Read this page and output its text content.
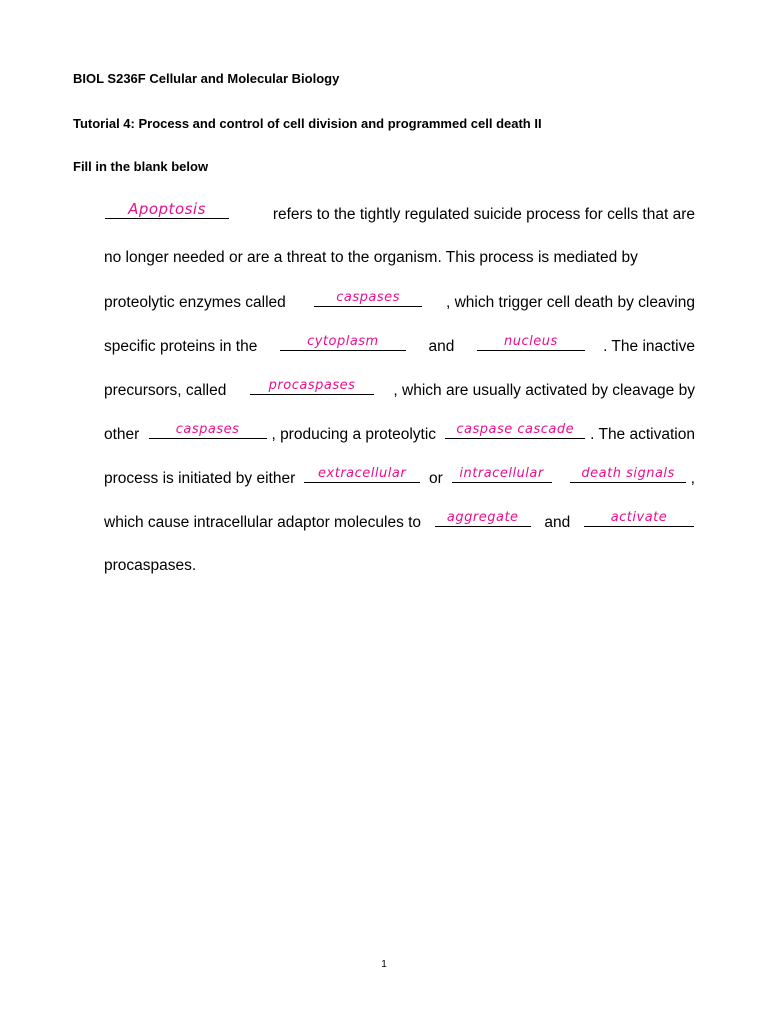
BIOL S236F Cellular and Molecular Biology
Tutorial 4: Process and control of cell division and programmed cell death II
Fill in the blank below
Apoptosis	refers to the tightly regulated suicide process for cells that are
no longer needed or are a threat to the organism. This process is mediated by
proteolytic enzymes called	caspases	, which trigger cell death by cleaving
specific proteins in the	cytoplasm	and	nucleus	. The inactive
precursors, called	procaspases	, which are usually activated by cleavage by
other	caspases	, producing a proteolytic	caspase cascade	. The activation
process is initiated by either	extracellular	or intracellular	death signals	,
which cause intracellular adaptor molecules to	aggregate	and	activate
procaspases.
1
